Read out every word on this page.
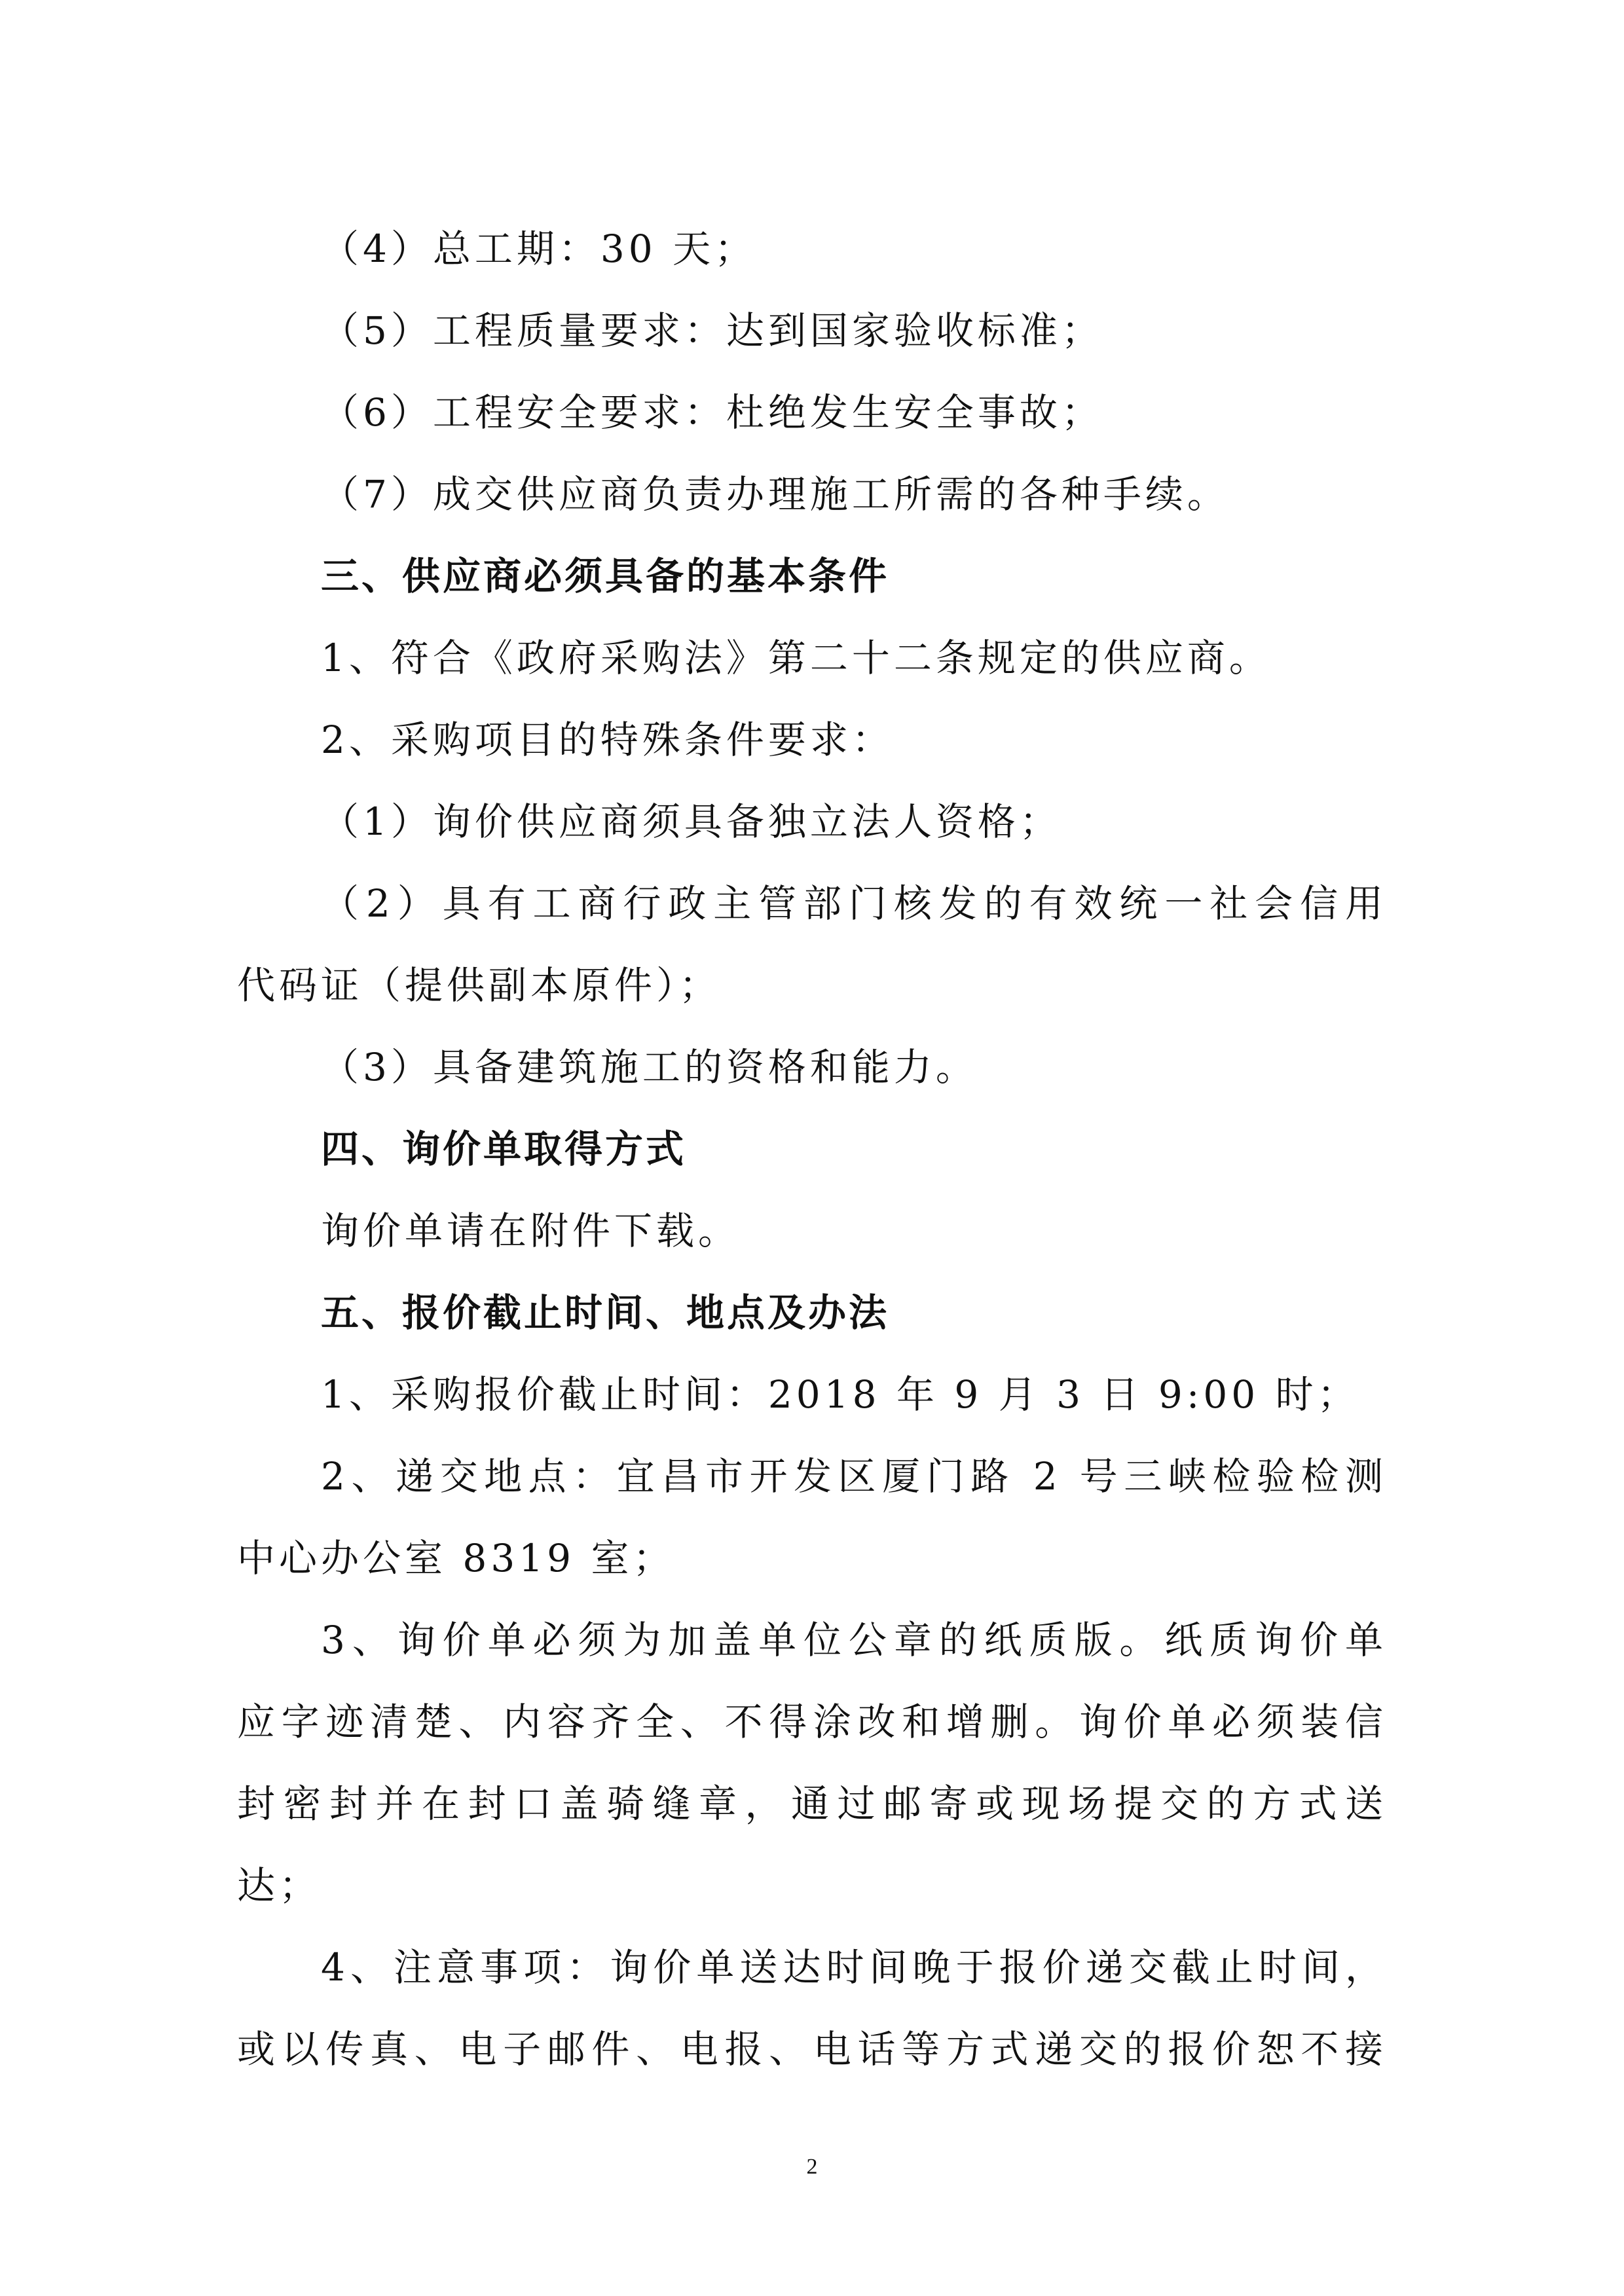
（4）总工期：30 天；
（5）工程质量要求：达到国家验收标准；
（6）工程安全要求：杜绝发生安全事故；
（7）成交供应商负责办理施工所需的各种手续。
三、供应商必须具备的基本条件
1、符合《政府采购法》第二十二条规定的供应商。
2、采购项目的特殊条件要求：
（1）询价供应商须具备独立法人资格；
（2）具有工商行政主管部门核发的有效统一社会信用
代码证（提供副本原件）；
（3）具备建筑施工的资格和能力。
四、询价单取得方式
询价单请在附件下载。
五、报价截止时间、地点及办法
1、采购报价截止时间：2018 年 9 月 3 日 9:00 时；
2、递交地点：宜昌市开发区厦门路 2 号三峡检验检测
中心办公室 8319 室；
3、询价单必须为加盖单位公章的纸质版。纸质询价单
应字迹清楚、内容齐全、不得涂改和增删。询价单必须装信
封密封并在封口盖骑缝章，通过邮寄或现场提交的方式送
达；
4、注意事项：询价单送达时间晚于报价递交截止时间，
或以传真、电子邮件、电报、电话等方式递交的报价恕不接
2
